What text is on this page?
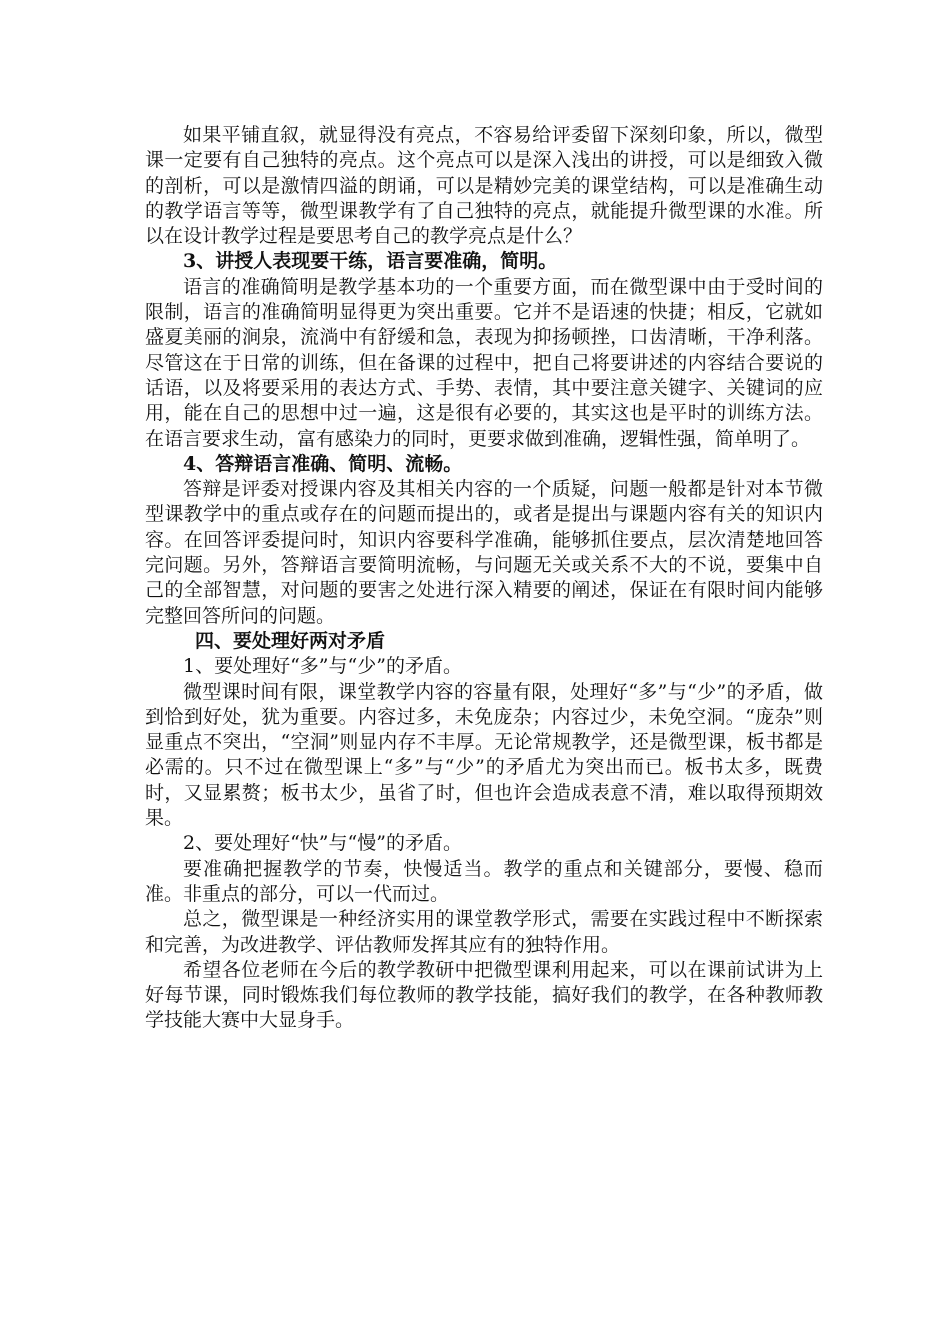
如果平铺直叙，就显得没有亮点，不容易给评委留下深刻印象，所以，微型课一定要有自己独特的亮点。这个亮点可以是深入浅出的讲授，可以是细致入微的剖析，可以是激情四溢的朗诵，可以是精妙完美的课堂结构，可以是准确生动的教学语言等等，微型课教学有了自己独特的亮点，就能提升微型课的水准。所以在设计教学过程是要思考自己的教学亮点是什么？

3、讲授人表现要干练，语言要准确，简明。

语言的准确简明是教学基本功的一个重要方面，而在微型课中由于受时间的限制，语言的准确简明显得更为突出重要。它并不是语速的快捷；相反，它就如盛夏美丽的涧泉，流淌中有舒缓和急，表现为抑扬顿挫，口齿清晰，干净利落。尽管这在于日常的训练，但在备课的过程中，把自己将要讲述的内容结合要说的话语，以及将要采用的表达方式、手势、表情，其中要注意关键字、关键词的应用，能在自己的思想中过一遍，这是很有必要的，其实这也是平时的训练方法。在语言要求生动，富有感染力的同时，更要求做到准确，逻辑性强，简单明了。

4、答辩语言准确、简明、流畅。

答辩是评委对授课内容及其相关内容的一个质疑，问题一般都是针对本节微型课教学中的重点或存在的问题而提出的，或者是提出与课题内容有关的知识内容。在回答评委提问时，知识内容要科学准确，能够抓住要点，层次清楚地回答完问题。另外，答辩语言要简明流畅，与问题无关或关系不大的不说，要集中自己的全部智慧，对问题的要害之处进行深入精要的阐述，保证在有限时间内能够完整回答所问的问题。

四、要处理好两对矛盾

1、要处理好“多”与“少”的矛盾。

微型课时间有限，课堂教学内容的容量有限，处理好“多”与“少”的矛盾，做到恰到好处，犹为重要。内容过多，未免庞杂；内容过少，未免空洞。“庞杂”则显重点不突出，“空洞”则显内存不丰厚。无论常规教学，还是微型课，板书都是必需的。只不过在微型课上“多”与“少”的矛盾尤为突出而已。板书太多，既费时，又显累赘；板书太少，虽省了时，但也许会造成表意不清，难以取得预期效果。

2、要处理好“快”与“慢”的矛盾。

要准确把握教学的节奏，快慢适当。教学的重点和关键部分，要慢、稳而准。非重点的部分，可以一代而过。

总之，微型课是一种经济实用的课堂教学形式，需要在实践过程中不断探索和完善，为改进教学、评估教师发挥其应有的独特作用。

希望各位老师在今后的教学教研中把微型课利用起来，可以在课前试讲为上好每节课，同时锻炼我们每位教师的教学技能，搞好我们的教学，在各种教师教学技能大赛中大显身手。
